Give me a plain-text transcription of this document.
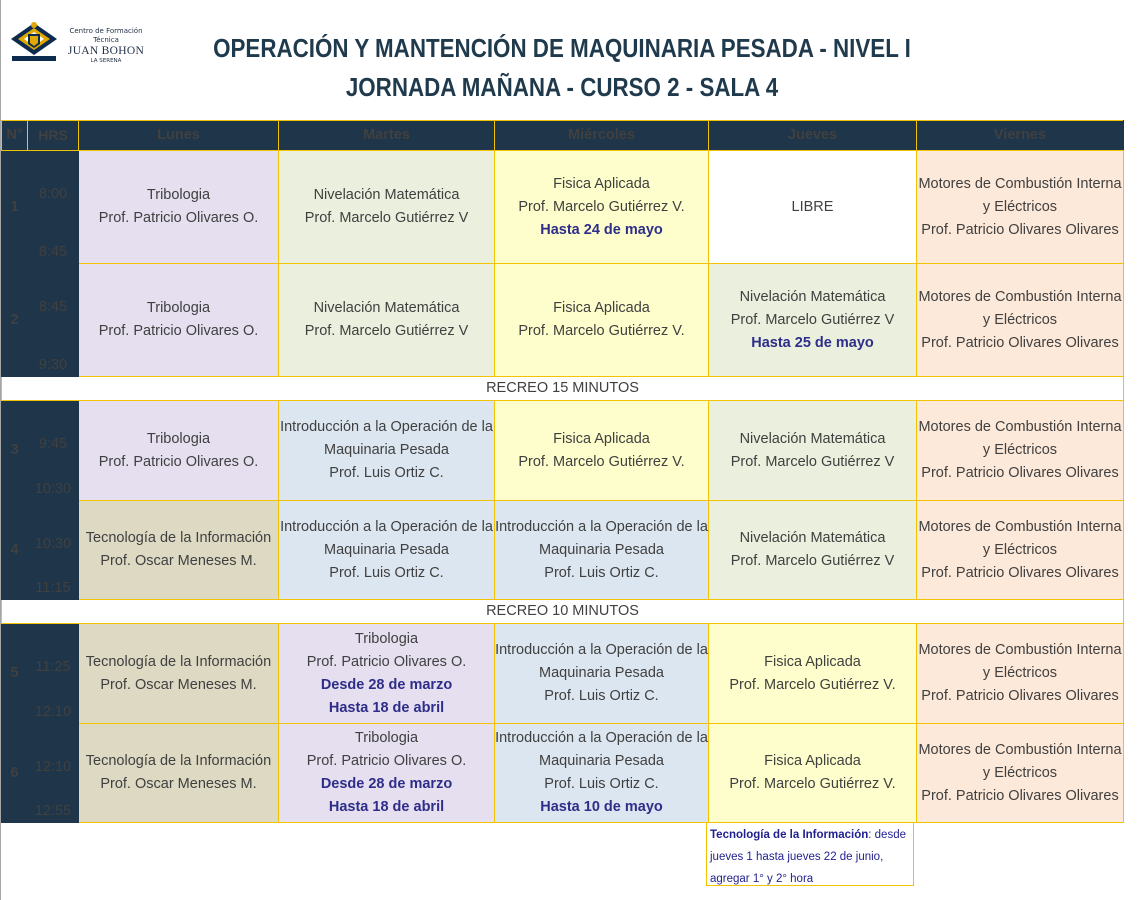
Centro de Formación Técnica
JUAN BOHON
LA SERENA	OPERACIÓN Y MANTENCIÓN DE MAQUINARIA PESADA - NIVEL I
JORNADA MAÑANA - CURSO 2 - SALA 4
N°	HRS	Lunes	Martes	Miércoles	Jueves	Viernes
1	8:00
8:45	Tribologia
Prof. Patricio Olivares O.	Nivelación Matemática
Prof. Marcelo Gutiérrez V	Fisica Aplicada
Prof. Marcelo Gutiérrez V.
Hasta 24 de mayo	LIBRE	Motores de Combustión Interna
y Eléctricos
Prof. Patricio Olivares Olivares

2	8:45
9:30	Tribologia
Prof. Patricio Olivares O.	Nivelación Matemática
Prof. Marcelo Gutiérrez V	Fisica Aplicada
Prof. Marcelo Gutiérrez V.	Nivelación Matemática
Prof. Marcelo Gutiérrez V
Hasta 25 de mayo	Motores de Combustión Interna
y Eléctricos
Prof. Patricio Olivares Olivares

RECREO 15 MINUTOS						
3	9:45
10:30	Tribologia
Prof. Patricio Olivares O.	Introducción a la Operación de la
Maquinaria Pesada
Prof. Luis Ortiz C.	Fisica Aplicada
Prof. Marcelo Gutiérrez V.	Nivelación Matemática
Prof. Marcelo Gutiérrez V	Motores de Combustión Interna
y Eléctricos
Prof. Patricio Olivares Olivares

4	10:30
11:15	Tecnología de la Información
Prof. Oscar Meneses M.	Introducción a la Operación de la
Maquinaria Pesada
Prof. Luis Ortiz C.	Introducción a la Operación de la
Maquinaria Pesada
Prof. Luis Ortiz C.	Nivelación Matemática
Prof. Marcelo Gutiérrez V	Motores de Combustión Interna
y Eléctricos
Prof. Patricio Olivares Olivares

RECREO 10 MINUTOS						
5	11:25
12:10	Tecnología de la Información
Prof. Oscar Meneses M.	Tribologia
Prof. Patricio Olivares O.
Desde 28 de marzo
Hasta 18 de abril	Introducción a la Operación de la
Maquinaria Pesada
Prof. Luis Ortiz C.	Fisica Aplicada
Prof. Marcelo Gutiérrez V.	Motores de Combustión Interna
y Eléctricos
Prof. Patricio Olivares Olivares

6	12:10
12:55	Tecnología de la Información
Prof. Oscar Meneses M.	Tribologia
Prof. Patricio Olivares O.
Desde 28 de marzo
Hasta 18 de abril	Introducción a la Operación de la
Maquinaria Pesada
Prof. Luis Ortiz C.
Hasta 10 de mayo	Fisica Aplicada
Prof. Marcelo Gutiérrez V.	Motores de Combustión Interna
y Eléctricos
Prof. Patricio Olivares Olivares
Tecnología de la Información: desde jueves 1 hasta jueves 22 de junio, agregar 1° y 2° hora
